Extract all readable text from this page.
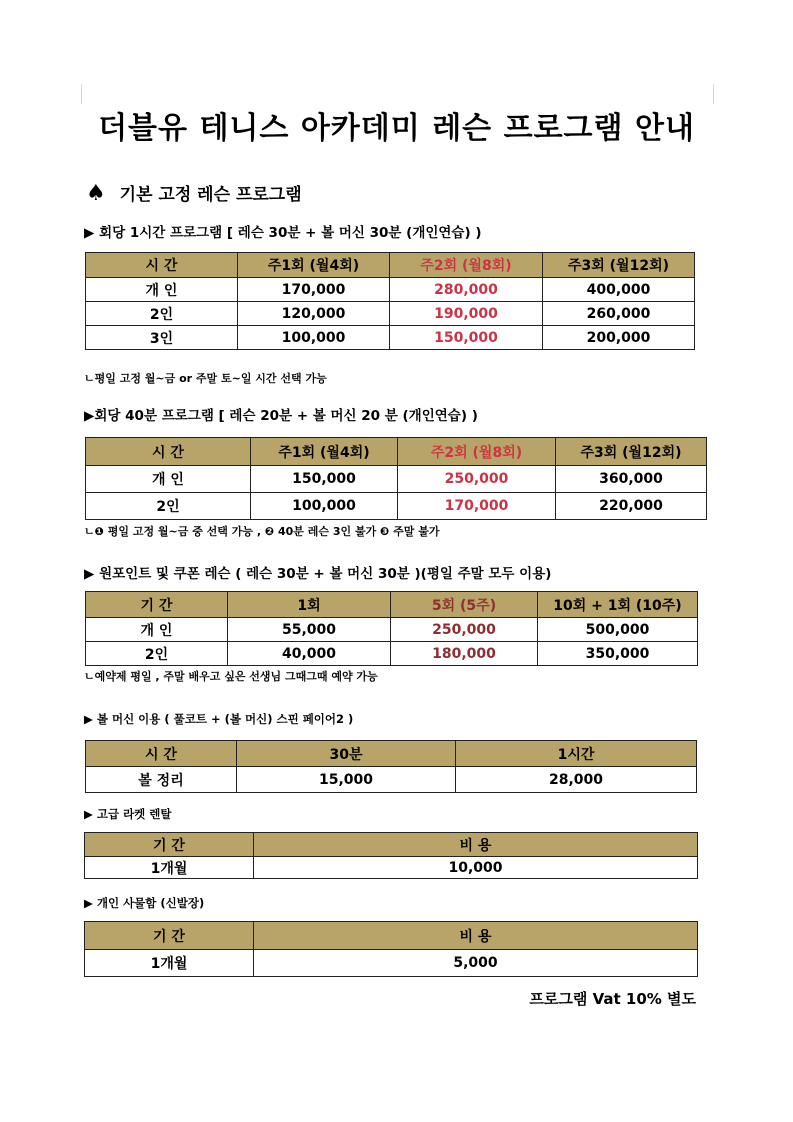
더블유 테니스 아카데미 레슨 프로그램 안내
♠ 기본 고정 레슨 프로그램
▶ 회당 1시간 프로그램 [ 레슨 30분 + 볼 머신 30분 (개인연습) )
시 간	주1회 (월4회)	주2회 (월8회)	주3회 (월12회)
개 인	170,000	280,000	400,000
2인	120,000	190,000	260,000
3인	100,000	150,000	200,000
ㄴ평일 고정 월~금 or 주말 토~일 시간 선택 가능
▶회당 40분 프로그램 [ 레슨 20분 + 볼 머신 20 분 (개인연습) )
시 간	주1회 (월4회)	주2회 (월8회)	주3회 (월12회)
개 인	150,000	250,000	360,000
2인	100,000	170,000	220,000
ㄴ❶ 평일 고정 월~금 중 선택 가능 , ❷ 40분 레슨 3인 불가 ❸ 주말 불가
▶ 원포인트 및 쿠폰 레슨 ( 레슨 30분 + 볼 머신 30분 )(평일 주말 모두 이용)
기 간	1회	5회 (5주)	10회 + 1회 (10주)
개 인	55,000	250,000	500,000
2인	40,000	180,000	350,000
ㄴ예약제 평일 , 주말 배우고 싶은 선생님 그때그때 예약 가능
▶ 볼 머신 이용 ( 풀코트 + (볼 머신) 스핀 페이어2 )
시 간	30분	1시간
볼 정리	15,000	28,000
▶ 고급 라켓 렌탈
기 간	비 용
1개월	10,000
▶ 개인 사물함 (신발장)
기 간	비 용
1개월	5,000
프로그램 Vat 10% 별도
